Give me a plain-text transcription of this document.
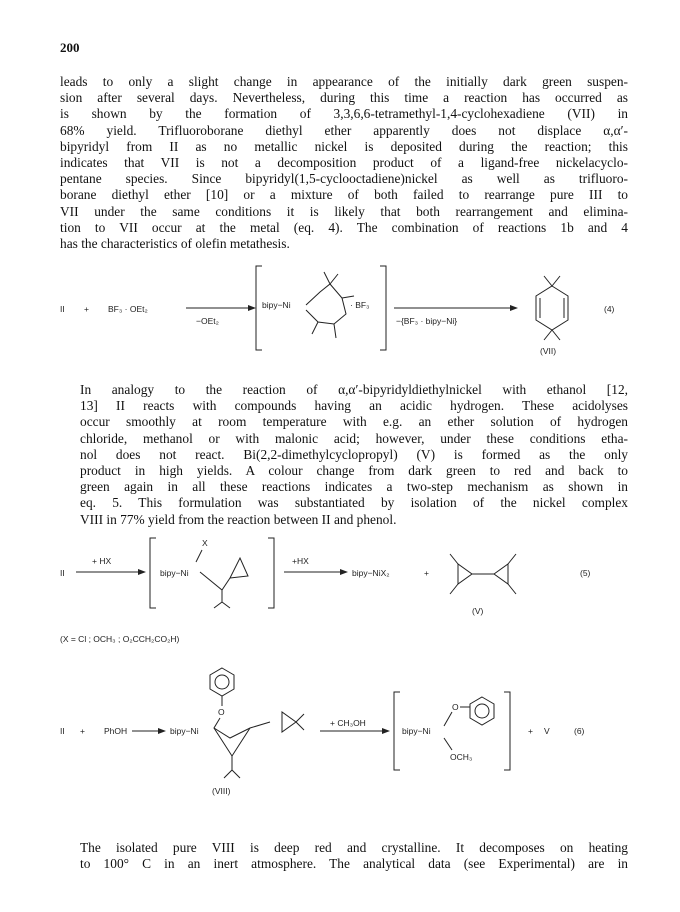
200
leads to only a slight change in appearance of the initially dark green suspen-
sion after several days. Nevertheless, during this time a reaction has occurred as
is shown by the formation of 3,3,6,6-tetramethyl-1,4-cyclohexadiene (VII) in
68% yield. Trifluoroborane diethyl ether apparently does not displace α,α′-
bipyridyl from II as no metallic nickel is deposited during the reaction; this
indicates that VII is not a decomposition product of a ligand-free nickelacyclo-
pentane species. Since bipyridyl(1,5-cyclooctadiene)nickel as well as trifluoro-
borane diethyl ether [10] or a mixture of both failed to rearrange pure III to
VII under the same conditions it is likely that both rearrangement and elimina-
tion to VII occur at the metal (eq. 4). The combination of reactions 1b and 4
has the characteristics of olefin metathesis.
II + BF₃ · OEt₂
−OEt₂
bipy−Ni	· BF₃
−{BF₃ · bipy−Ni}
(VII)
(4)
In analogy to the reaction of α,α′-bipyridyldiethylnickel with ethanol [12,
13] II reacts with compounds having an acidic hydrogen. These acidolyses
occur smoothly at room temperature with e.g. an ether solution of hydrogen
chloride, methanol or with malonic acid; however, under these conditions etha-
nol does not react. Bi(2,2-dimethylcyclopropyl) (V) is formed as the only
product in high yields. A colour change from dark green to red and back to
green again in all these reactions indicates a two-step mechanism as shown in
eq. 5. This formulation was substantiated by isolation of the nickel complex
VIII in 77% yield from the reaction between II and phenol.
II
+ HX
X
bipy−Ni
+HX
bipy−NiX₂	+
(V)
(5)
(X = Cl ; OCH₃ ; O₂CCH₂CO₂H)
II + PhOH	bipy−Ni
O
+ CH₃OH
bipy−Ni
O
OCH₃
+ V	(6)
(VIII)
The isolated pure VIII is deep red and crystalline. It decomposes on heating
to 100° C in an inert atmosphere. The analytical data (see Experimental) are in
